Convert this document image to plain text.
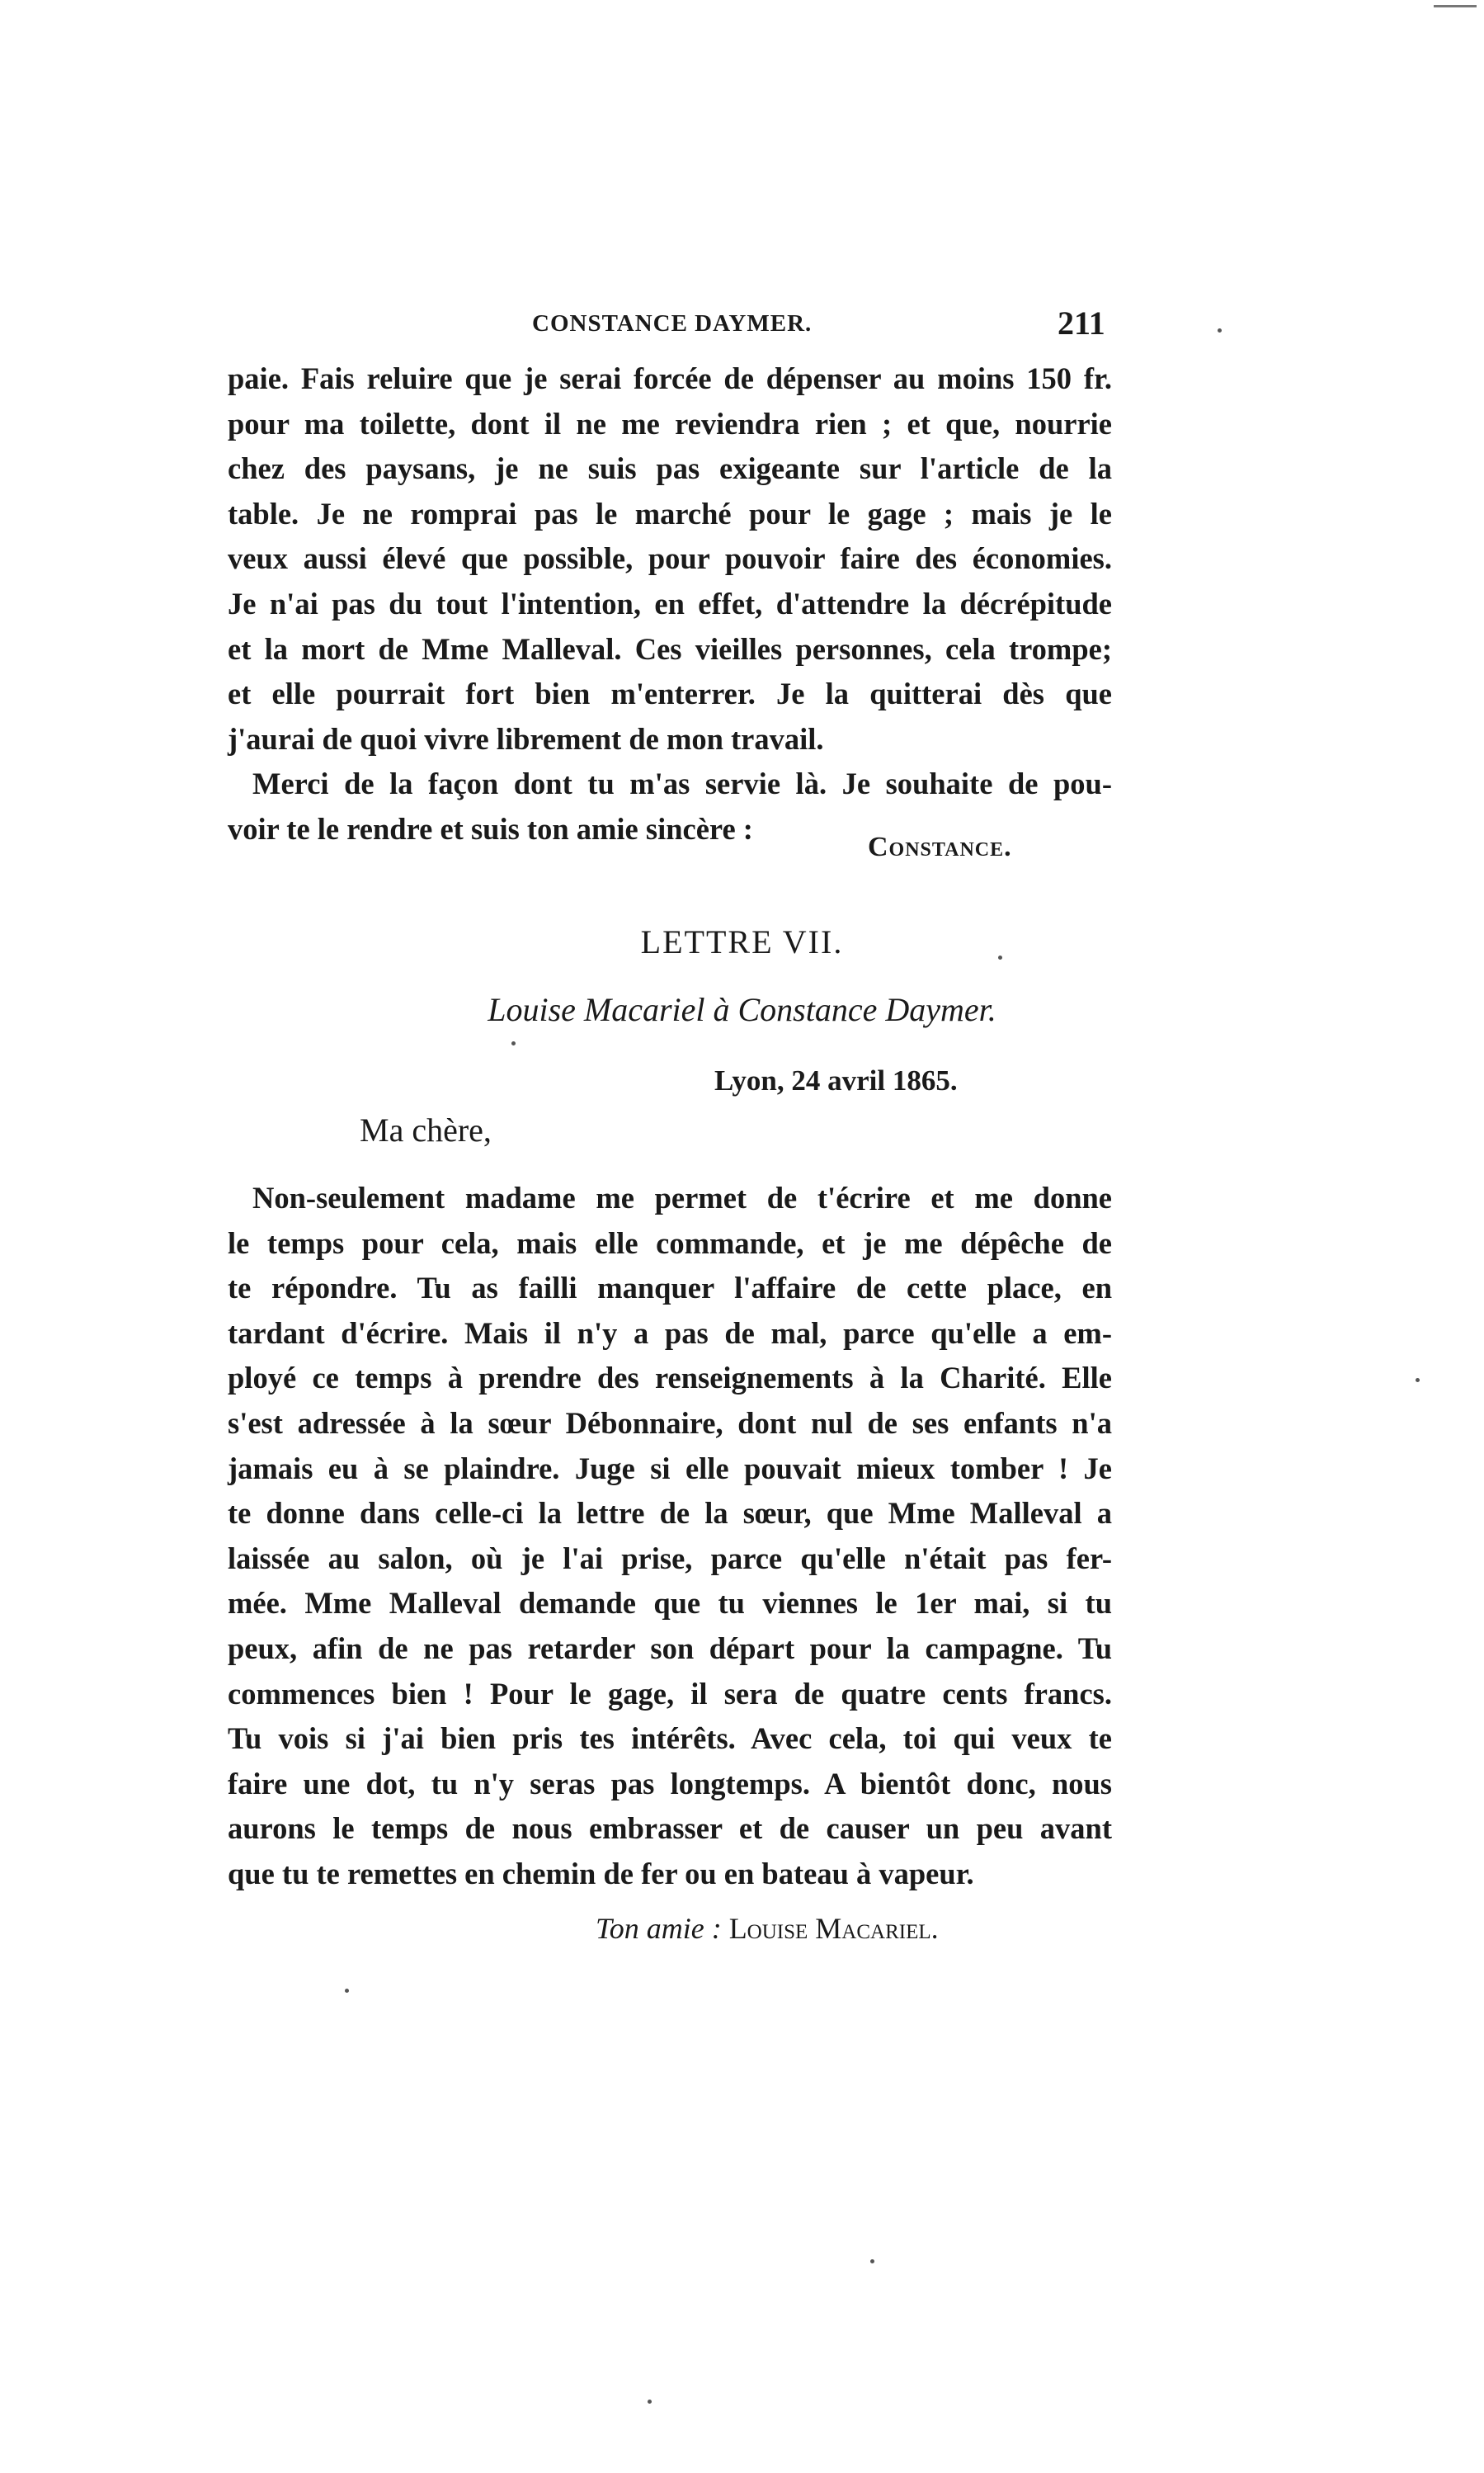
CONSTANCE DAYMER.	211
paie. Fais reluire que je serai forcée de dépenser au moins 150 fr.
pour ma toilette, dont il ne me reviendra rien ; et que, nourrie
chez des paysans, je ne suis pas exigeante sur l'article de la
table. Je ne romprai pas le marché pour le gage ; mais je le
veux aussi élevé que possible, pour pouvoir faire des économies.
Je n'ai pas du tout l'intention, en effet, d'attendre la décrépitude
et la mort de Mme Malleval. Ces vieilles personnes, cela trompe;
et elle pourrait fort bien m'enterrer. Je la quitterai dès que
j'aurai de quoi vivre librement de mon travail.
Merci de la façon dont tu m'as servie là. Je souhaite de pou-
voir te le rendre et suis ton amie sincère :
Constance.
LETTRE VII.
Louise Macariel à Constance Daymer.
Lyon, 24 avril 1865.
Ma chère,
Non-seulement madame me permet de t'écrire et me donne
le temps pour cela, mais elle commande, et je me dépêche de
te répondre. Tu as failli manquer l'affaire de cette place, en
tardant d'écrire. Mais il n'y a pas de mal, parce qu'elle a em-
ployé ce temps à prendre des renseignements à la Charité. Elle
s'est adressée à la sœur Débonnaire, dont nul de ses enfants n'a
jamais eu à se plaindre. Juge si elle pouvait mieux tomber ! Je
te donne dans celle-ci la lettre de la sœur, que Mme Malleval a
laissée au salon, où je l'ai prise, parce qu'elle n'était pas fer-
mée. Mme Malleval demande que tu viennes le 1er mai, si tu
peux, afin de ne pas retarder son départ pour la campagne. Tu
commences bien ! Pour le gage, il sera de quatre cents francs.
Tu vois si j'ai bien pris tes intérêts. Avec cela, toi qui veux te
faire une dot, tu n'y seras pas longtemps. A bientôt donc, nous
aurons le temps de nous embrasser et de causer un peu avant
que tu te remettes en chemin de fer ou en bateau à vapeur.
Ton amie : Louise Macariel.
